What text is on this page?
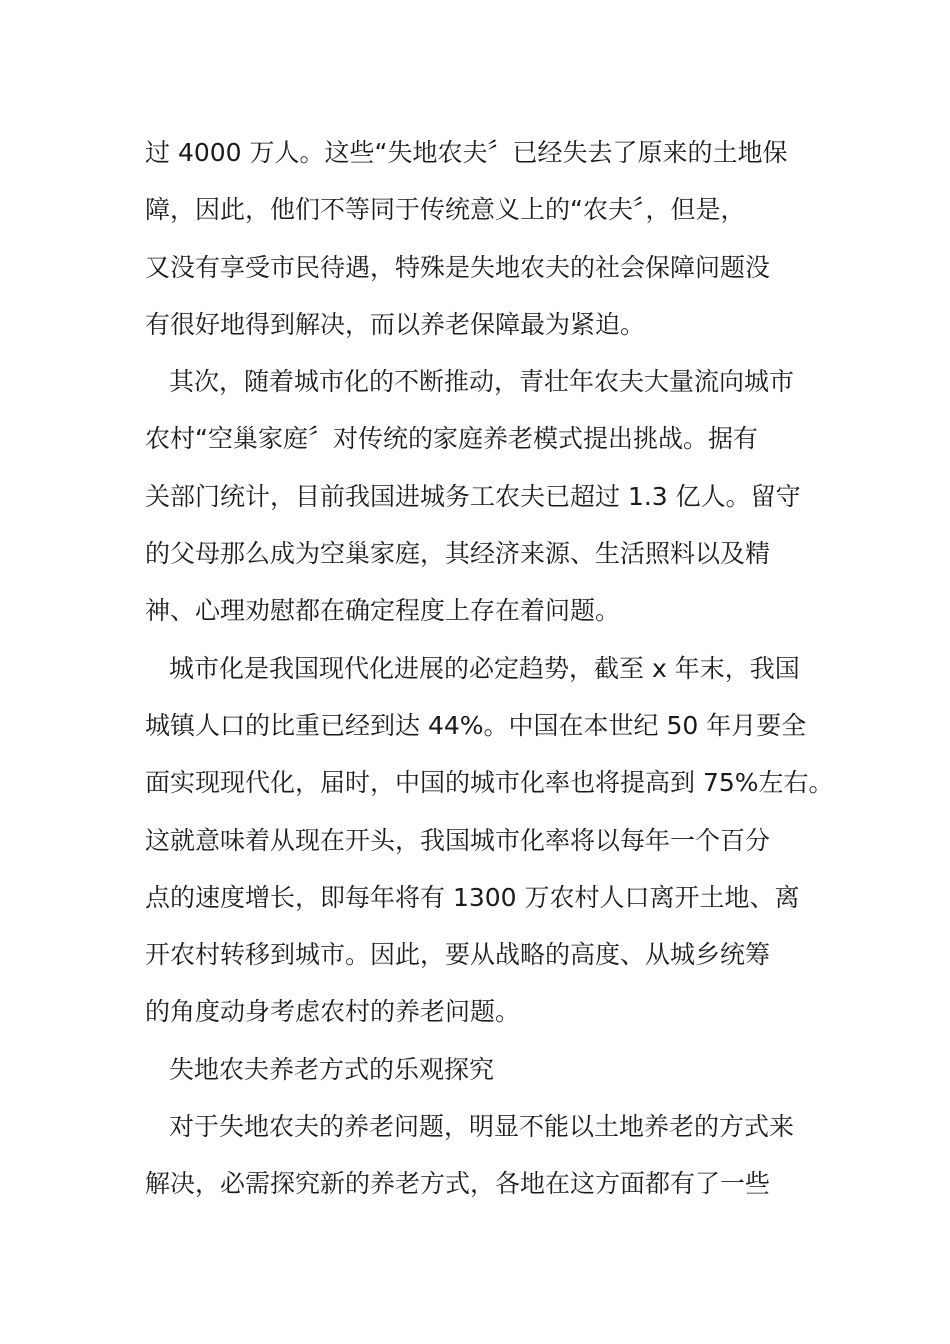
过 4000 万人。这些“失地农夫〞已经失去了原来的土地保
障，因此，他们不等同于传统意义上的“农夫〞，但是，
又没有享受市民待遇，特殊是失地农夫的社会保障问题没
有很好地得到解决，而以养老保障最为紧迫。
其次，随着城市化的不断推动，青壮年农夫大量流向城市
农村“空巢家庭〞对传统的家庭养老模式提出挑战。据有
关部门统计，目前我国进城务工农夫已超过 1.3 亿人。留守
的父母那么成为空巢家庭，其经济来源、生活照料以及精
神、心理劝慰都在确定程度上存在着问题。
城市化是我国现代化进展的必定趋势，截至 x 年末，我国
城镇人口的比重已经到达 44%。中国在本世纪 50 年月要全
面实现现代化，届时，中国的城市化率也将提高到 75%左右。
这就意味着从现在开头，我国城市化率将以每年一个百分
点的速度增长，即每年将有 1300 万农村人口离开土地、离
开农村转移到城市。因此，要从战略的高度、从城乡统筹
的角度动身考虑农村的养老问题。
失地农夫养老方式的乐观探究
对于失地农夫的养老问题，明显不能以土地养老的方式来
解决，必需探究新的养老方式，各地在这方面都有了一些
